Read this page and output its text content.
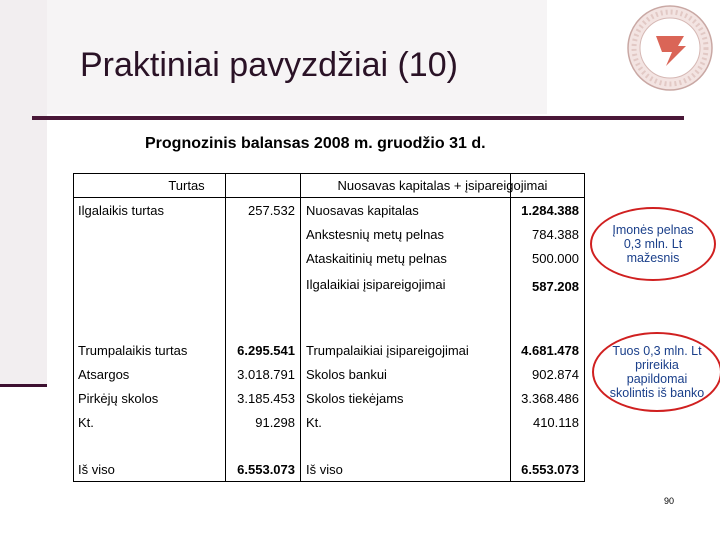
Praktiniai pavyzdžiai (10)
Prognozinis balansas 2008 m. gruodžio 31 d.
Turtas	Nuosavas kapitalas + įsipareigojimai
Ilgalaikis turtas	257.532 Nuosavas kapitalas	1.284.388
Ankstesnių metų pelnas	784.388
Ataskaitinių metų pelnas	500.000
Ilgalaikiai įsipareigojimai	587.208
Trumpalaikis turtas	6.295.541 Trumpalaikiai įsipareigojimai	4.681.478
Atsargos	3.018.791 Skolos bankui	902.874
Pirkėjų skolos	3.185.453 Skolos tiekėjams	3.368.486
Kt.	91.298 Kt.	410.118
Iš viso	6.553.073 Iš viso	6.553.073
Įmonės pelnas
0,3 mln. Lt
mažesnis
Tuos 0,3 mln. Lt
prireikia
papildomai
skolintis iš banko
90
